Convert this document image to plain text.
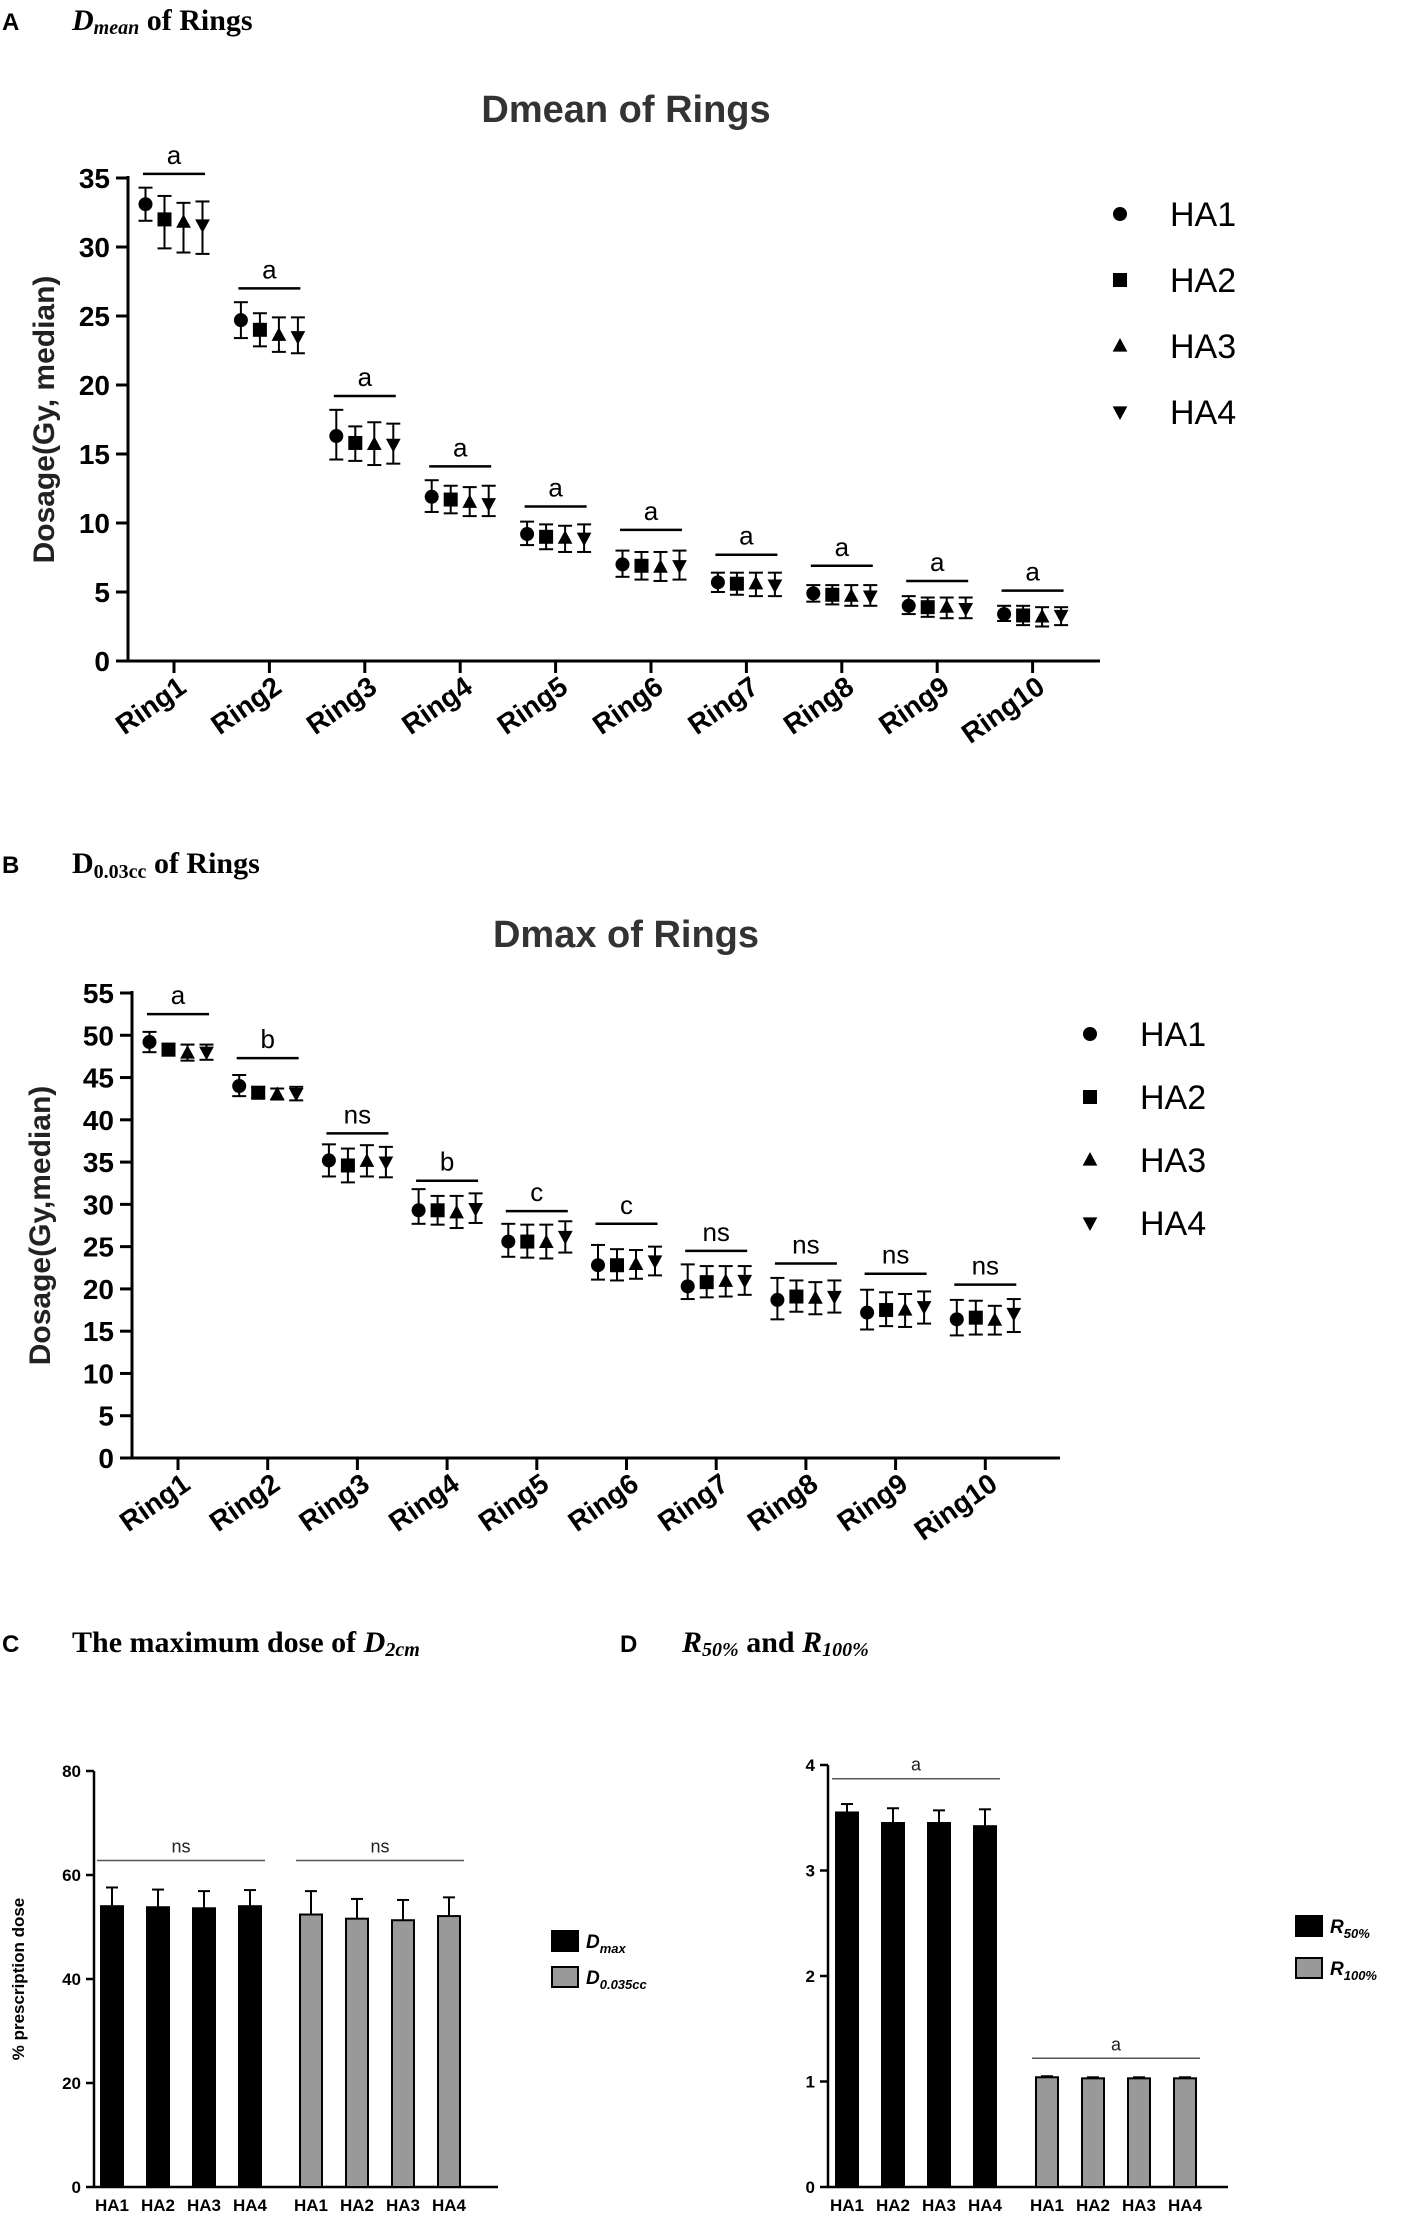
A Dmean of Rings
Dmean of Rings
Dosage(Gy, median)
0
5
10
15
20
25
30
35
Ring1 Ring2 Ring3 Ring4 Ring5 Ring6 Ring7 Ring8 Ring9 Ring10
a
a
a
a
a
a
a	a
a	a
HA1
HA2
HA3
HA4
B D0.03cc of Rings
Dmax of Rings
Dosage(Gy,median)
0
5
10
15
20
25
30
35
40
45
50
55
Ring1 Ring2 Ring3 Ring4 Ring5 Ring6 Ring7 Ring8 Ring9
Ring10
a
b
ns
b
c	c
ns ns ns ns
HA1
HA2
HA3
HA4
C The maximum dose of D2cm
% prescription dose
0
20
40
60
80
HA1 HA2 HA3 HA4 HA1 HA2 HA3 HA4
ns	ns
$D_{max}$
$D_{0.035cc}$
D R50% and R100%
0
1
2
3
4
HA1 HA2 HA3 HA4 HA1 HA2 HA3 HA4
a
a
$R_{50\%}$
$R_{100\%}$
